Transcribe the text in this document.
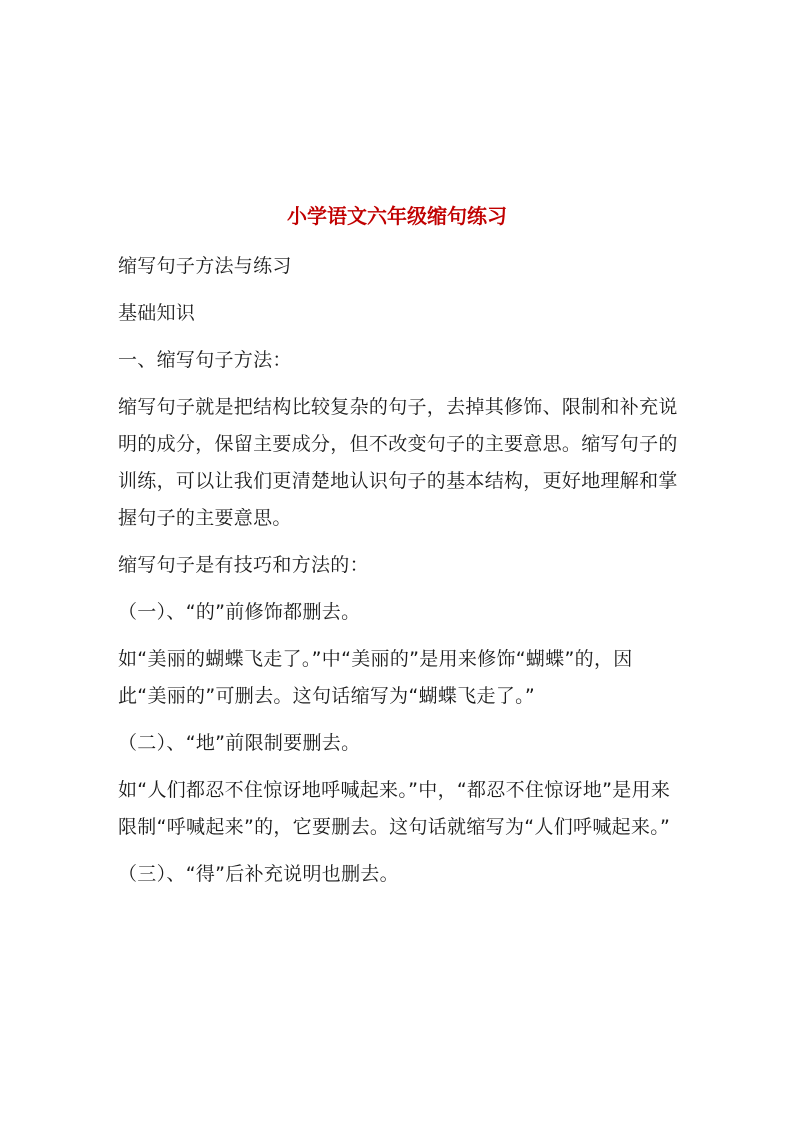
小学语文六年级缩句练习

缩写句子方法与练习

基础知识

一、缩写句子方法：

缩写句子就是把结构比较复杂的句子，去掉其修饰、限制和补充说明的成分，保留主要成分，但不改变句子的主要意思。缩写句子的训练，可以让我们更清楚地认识句子的基本结构，更好地理解和掌握句子的主要意思。

缩写句子是有技巧和方法的：

（一）、“的”前修饰都删去。

如“美丽的蝴蝶飞走了。”中“美丽的”是用来修饰“蝴蝶”的，因此“美丽的”可删去。这句话缩写为“蝴蝶飞走了。”

（二）、“地”前限制要删去。

如“人们都忍不住惊讶地呼喊起来。”中，“都忍不住惊讶地”是用来限制“呼喊起来”的，它要删去。这句话就缩写为“人们呼喊起来。”

（三）、“得”后补充说明也删去。
